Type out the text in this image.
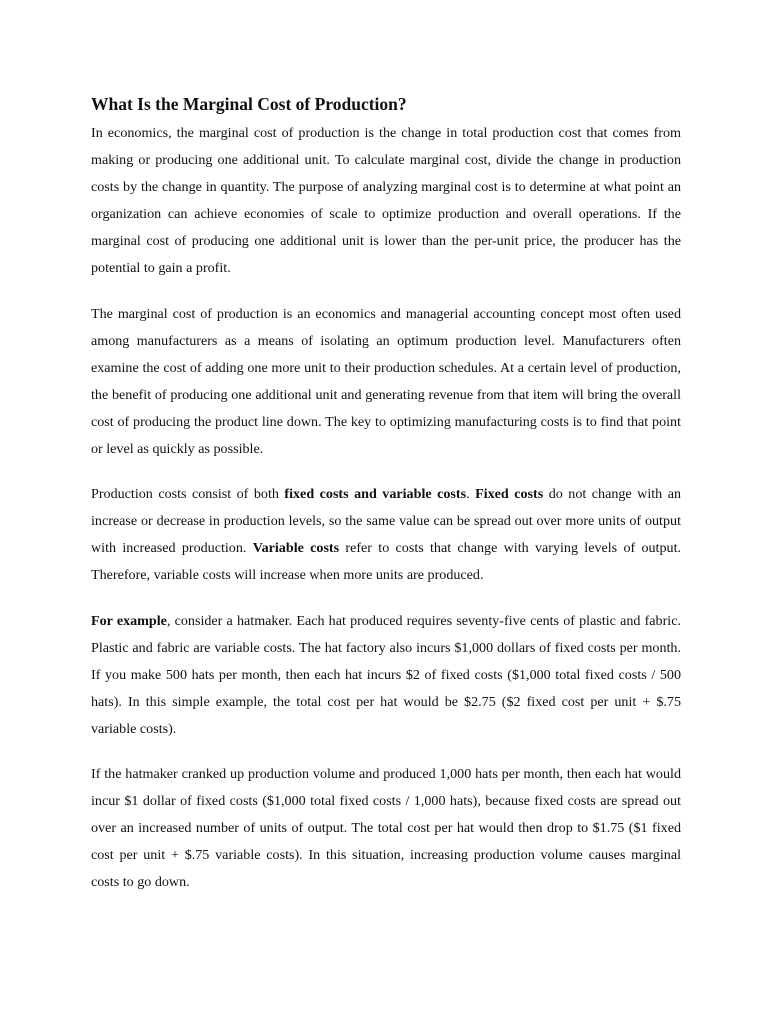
What Is the Marginal Cost of Production?

In economics, the marginal cost of production is the change in total production cost that comes from making or producing one additional unit. To calculate marginal cost, divide the change in production costs by the change in quantity. The purpose of analyzing marginal cost is to determine at what point an organization can achieve economies of scale to optimize production and overall operations. If the marginal cost of producing one additional unit is lower than the per-unit price, the producer has the potential to gain a profit.

The marginal cost of production is an economics and managerial accounting concept most often used among manufacturers as a means of isolating an optimum production level. Manufacturers often examine the cost of adding one more unit to their production schedules. At a certain level of production, the benefit of producing one additional unit and generating revenue from that item will bring the overall cost of producing the product line down. The key to optimizing manufacturing costs is to find that point or level as quickly as possible.

Production costs consist of both fixed costs and variable costs. Fixed costs do not change with an increase or decrease in production levels, so the same value can be spread out over more units of output with increased production. Variable costs refer to costs that change with varying levels of output. Therefore, variable costs will increase when more units are produced.

For example, consider a hatmaker. Each hat produced requires seventy-five cents of plastic and fabric. Plastic and fabric are variable costs. The hat factory also incurs $1,000 dollars of fixed costs per month. If you make 500 hats per month, then each hat incurs $2 of fixed costs ($1,000 total fixed costs / 500 hats). In this simple example, the total cost per hat would be $2.75 ($2 fixed cost per unit + $.75 variable costs).

If the hatmaker cranked up production volume and produced 1,000 hats per month, then each hat would incur $1 dollar of fixed costs ($1,000 total fixed costs / 1,000 hats), because fixed costs are spread out over an increased number of units of output. The total cost per hat would then drop to $1.75 ($1 fixed cost per unit + $.75 variable costs). In this situation, increasing production volume causes marginal costs to go down.
